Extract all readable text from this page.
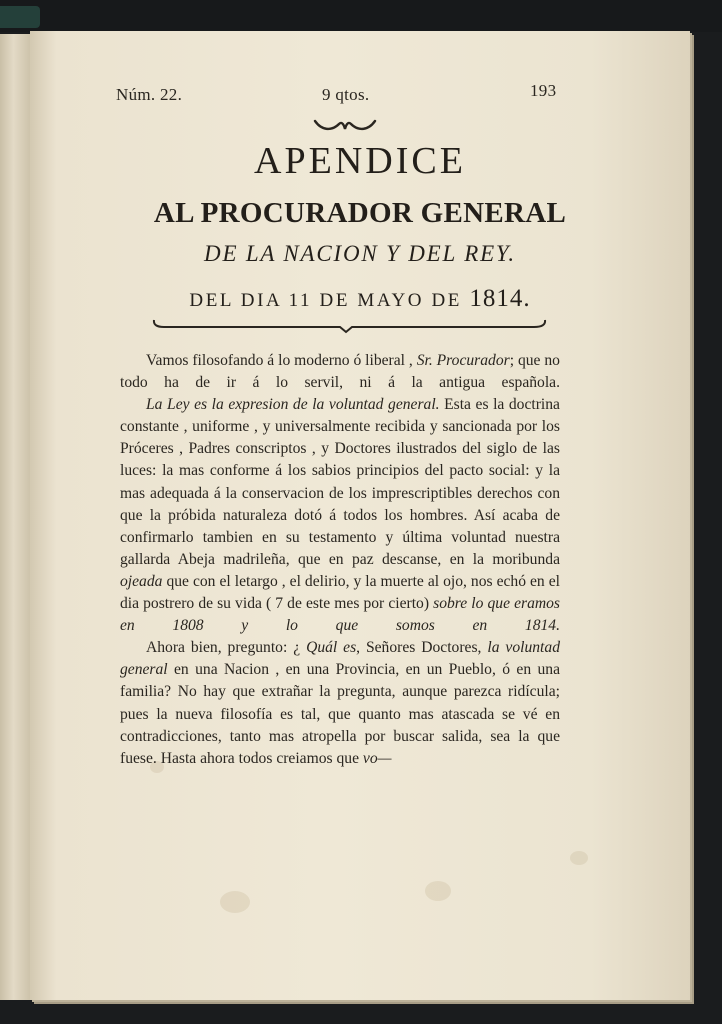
Núm. 22.	9 qtos.	193
APENDICE
AL PROCURADOR GENERAL
DE LA NACION Y DEL REY.
DEL DIA 11 DE MAYO DE 1814.

Vamos filosofando á lo moderno ó liberal , Sr. Procurador; que no todo ha de ir á lo servil, ni á la antigua española.

La Ley es la expresion de la voluntad general. Esta es la doctrina constante , uniforme , y universalmente recibida y sancionada por los Próceres , Padres conscriptos , y Doctores ilustrados del siglo de las luces: la mas conforme á los sabios principios del pacto social: y la mas adequada á la conservacion de los imprescriptibles derechos con que la próbida naturaleza dotó á todos los hombres. Así acaba de confirmarlo tambien en su testamento y última voluntad nuestra gallarda Abeja madrileña, que en paz descanse, en la moribunda ojeada que con el letargo , el delirio, y la muerte al ojo, nos echó en el dia postrero de su vida ( 7 de este mes por cierto) sobre lo que eramos en 1808 y lo que somos en 1814.

Ahora bien, pregunto: ¿ Quál es, Señores Doctores, la voluntad general en una Nacion , en una Provincia, en un Pueblo, ó en una familia? No hay que extrañar la pregunta, aunque parezca ridícula; pues la nueva filosofía es tal, que quanto mas atascada se vé en contradicciones, tanto mas atropella por buscar salida, sea la que fuese. Hasta ahora todos creiamos que vo—
